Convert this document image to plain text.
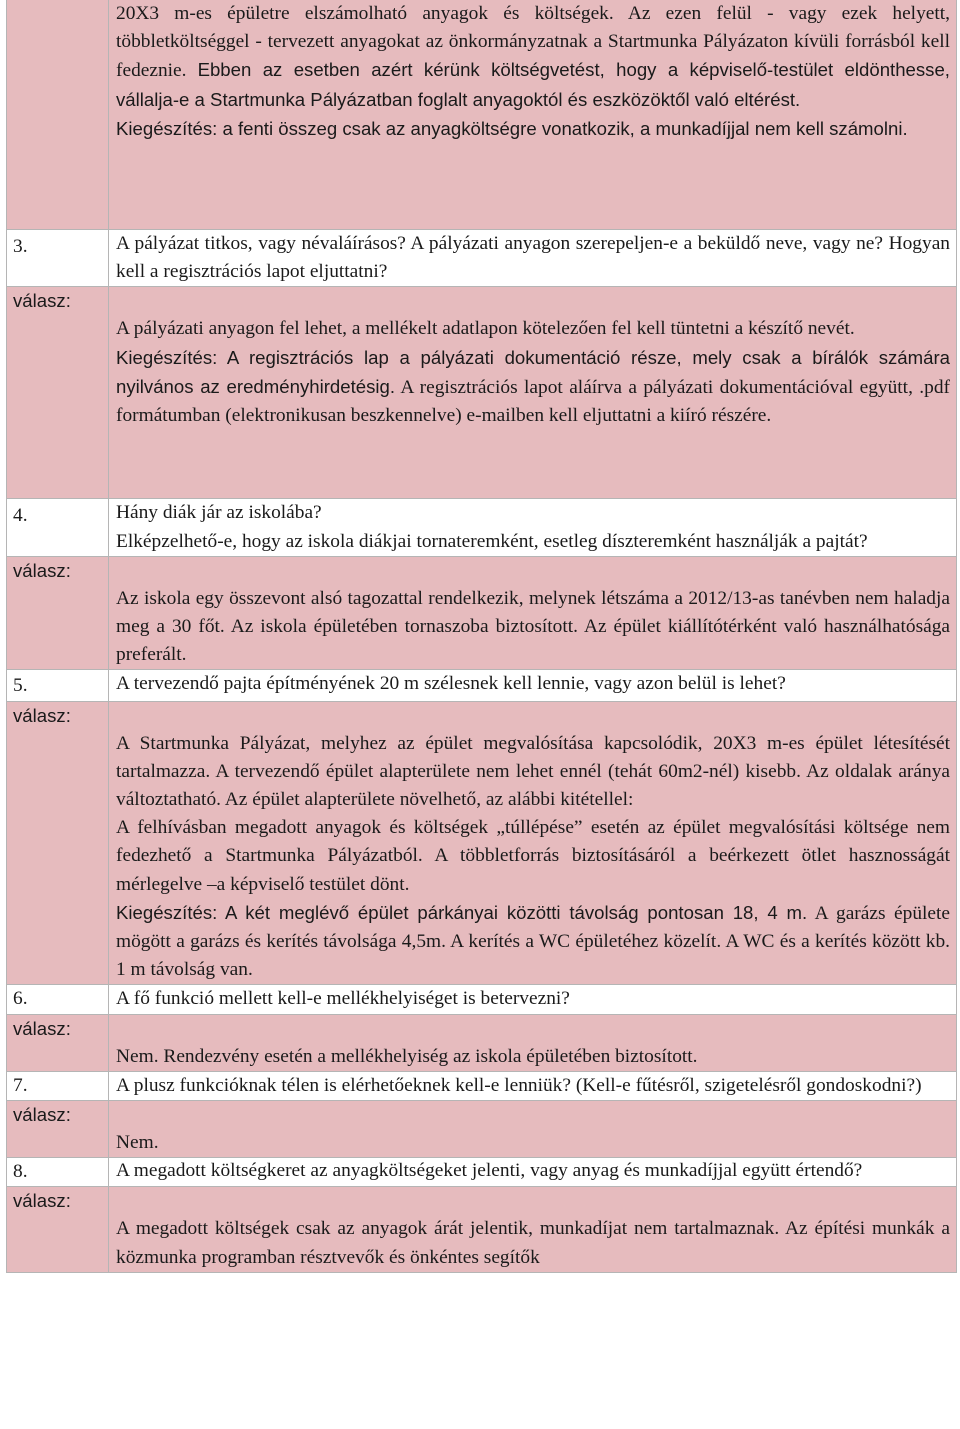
	20X3 m-es épületre elszámolható anyagok és költségek. Az ezen felül - vagy ezek helyett, többletköltséggel - tervezett anyagokat az önkormányzatnak a Startmunka Pályázaton kívüli forrásból kell fedeznie. Ebben az esetben azért kérünk költségvetést, hogy a képviselő-testület eldönthesse, vállalja-e a Startmunka Pályázatban foglalt anyagoktól és eszközöktől való eltérést.
Kiegészítés: a fenti összeg csak az anyagköltségre vonatkozik, a munkadíjjal nem kell számolni.

3.	A pályázat titkos, vagy névaláírásos? A pályázati anyagon szerepeljen-e a beküldő neve, vagy ne? Hogyan kell a regisztrációs lapot eljuttatni?

válasz:	A pályázati anyagon fel lehet, a mellékelt adatlapon kötelezően fel kell tüntetni a készítő nevét.
Kiegészítés: A regisztrációs lap a pályázati dokumentáció része, mely csak a bírálók számára nyilvános az eredményhirdetésig. A regisztrációs lapot aláírva a pályázati dokumentációval együtt, .pdf formátumban (elektronikusan beszkennelve) e-mailben kell eljuttatni a kiíró részére.

4.	Hány diák jár az iskolába?
Elképzelhető-e, hogy az iskola diákjai tornateremként, esetleg díszteremként használják a pajtát?

válasz:	Az iskola egy összevont alsó tagozattal rendelkezik, melynek létszáma a 2012/13-as tanévben nem haladja meg a 30 főt. Az iskola épületében tornaszoba biztosított. Az épület kiállítótérként való használhatósága preferált.

5.	A tervezendő pajta építményének 20 m szélesnek kell lennie, vagy azon belül is lehet?

válasz:	A Startmunka Pályázat, melyhez az épület megvalósítása kapcsolódik, 20X3 m-es épület létesítését tartalmazza. A tervezendő épület alapterülete nem lehet ennél (tehát 60m2-nél) kisebb. Az oldalak aránya változtatható. Az épület alapterülete növelhető, az alábbi kitétellel:
A felhívásban megadott anyagok és költségek „túllépése” esetén az épület megvalósítási költsége nem fedezhető a Startmunka Pályázatból. A többletforrás biztosításáról a beérkezett ötlet hasznosságát mérlegelve –a képviselő testület dönt.
Kiegészítés: A két meglévő épület párkányai közötti távolság pontosan 18, 4 m. A garázs épülete mögött a garázs és kerítés távolsága 4,5m. A kerítés a WC épületéhez közelít. A WC és a kerítés között kb. 1 m távolság van.

6.	A fő funkció mellett kell-e mellékhelyiséget is betervezni?

válasz:	Nem. Rendezvény esetén a mellékhelyiség az iskola épületében biztosított.

7.	A plusz funkcióknak télen is elérhetőeknek kell-e lenniük? (Kell-e fűtésről, szigetelésről gondoskodni?)

válasz:	Nem.

8.	A megadott költségkeret az anyagköltségeket jelenti, vagy anyag és munkadíjjal együtt értendő?

válasz:	A megadott költségek csak az anyagok árát jelentik, munkadíjat nem tartalmaznak. Az építési munkák a közmunka programban résztvevők és önkéntes segítők
